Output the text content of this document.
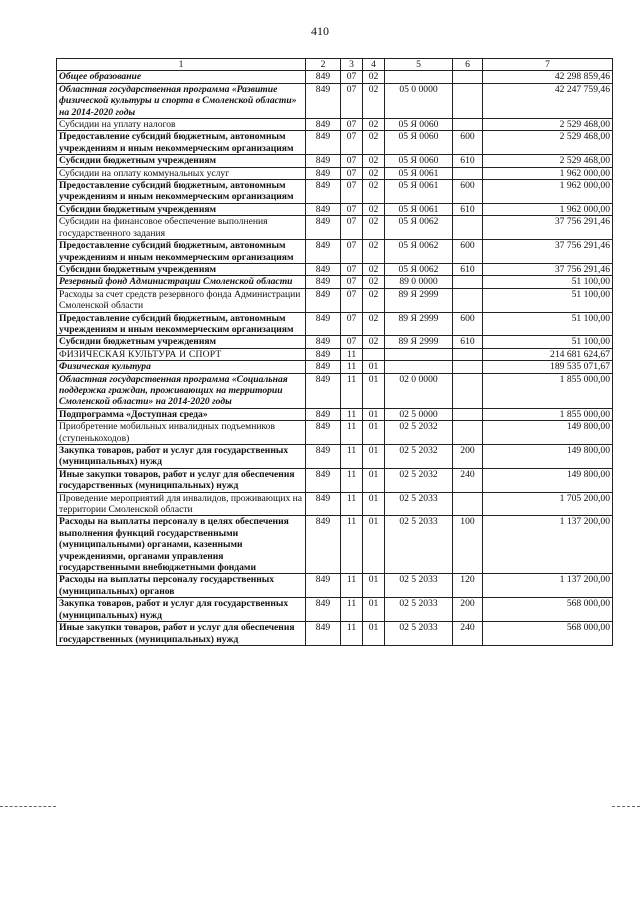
410
1	2	3	4	5	6	7
Общее образование	849	07	02			42 298 859,46
Областная государственная программа «Развитие физической культуры и спорта в Смоленской области» на 2014-2020 годы	849	07	02	05 0 0000		42 247 759,46
Субсидии на уплату налогов	849	07	02	05 Я 0060		2 529 468,00
Предоставление субсидий бюджетным, автономным учреждениям и иным некоммерческим организациям	849	07	02	05 Я 0060	600	2 529 468,00
Субсидии бюджетным учреждениям	849	07	02	05 Я 0060	610	2 529 468,00
Субсидии на оплату коммунальных услуг	849	07	02	05 Я 0061		1 962 000,00
Предоставление субсидий бюджетным, автономным учреждениям и иным некоммерческим организациям	849	07	02	05 Я 0061	600	1 962 000,00
Субсидии бюджетным учреждениям	849	07	02	05 Я 0061	610	1 962 000,00
Субсидии на финансовое обеспечение выполнения государственного задания	849	07	02	05 Я 0062		37 756 291,46
Предоставление субсидий бюджетным, автономным учреждениям и иным некоммерческим организациям	849	07	02	05 Я 0062	600	37 756 291,46
Субсидии бюджетным учреждениям	849	07	02	05 Я 0062	610	37 756 291,46
Резервный фонд Администрации Смоленской области	849	07	02	89 0 0000		51 100,00
Расходы за счет средств резервного фонда Администрации Смоленской области	849	07	02	89 Я 2999		51 100,00
Предоставление субсидий бюджетным, автономным учреждениям и иным некоммерческим организациям	849	07	02	89 Я 2999	600	51 100,00
Субсидии бюджетным учреждениям	849	07	02	89 Я 2999	610	51 100,00
ФИЗИЧЕСКАЯ КУЛЬТУРА И СПОРТ	849	11				214 681 624,67
Физическая культура	849	11	01			189 535 071,67
Областная государственная программа «Социальная поддержка граждан, проживающих на территории Смоленской области» на 2014-2020 годы	849	11	01	02 0 0000		1 855 000,00
Подпрограмма «Доступная среда»	849	11	01	02 5 0000		1 855 000,00
Приобретение мобильных инвалидных подъемников (ступенькоходов)	849	11	01	02 5 2032		149 800,00
Закупка товаров, работ и услуг для государственных (муниципальных) нужд	849	11	01	02 5 2032	200	149 800,00
Иные закупки товаров, работ и услуг для обеспечения государственных (муниципальных) нужд	849	11	01	02 5 2032	240	149 800,00
Проведение мероприятий для инвалидов, проживающих на территории Смоленской области	849	11	01	02 5 2033		1 705 200,00
Расходы на выплаты персоналу в целях обеспечения выполнения функций государственными (муниципальными) органами, казенными учреждениями, органами управления государственными внебюджетными фондами	849	11	01	02 5 2033	100	1 137 200,00
Расходы на выплаты персоналу государственных (муниципальных) органов	849	11	01	02 5 2033	120	1 137 200,00
Закупка товаров, работ и услуг для государственных (муниципальных) нужд	849	11	01	02 5 2033	200	568 000,00
Иные закупки товаров, работ и услуг для обеспечения государственных (муниципальных) нужд	849	11	01	02 5 2033	240	568 000,00
